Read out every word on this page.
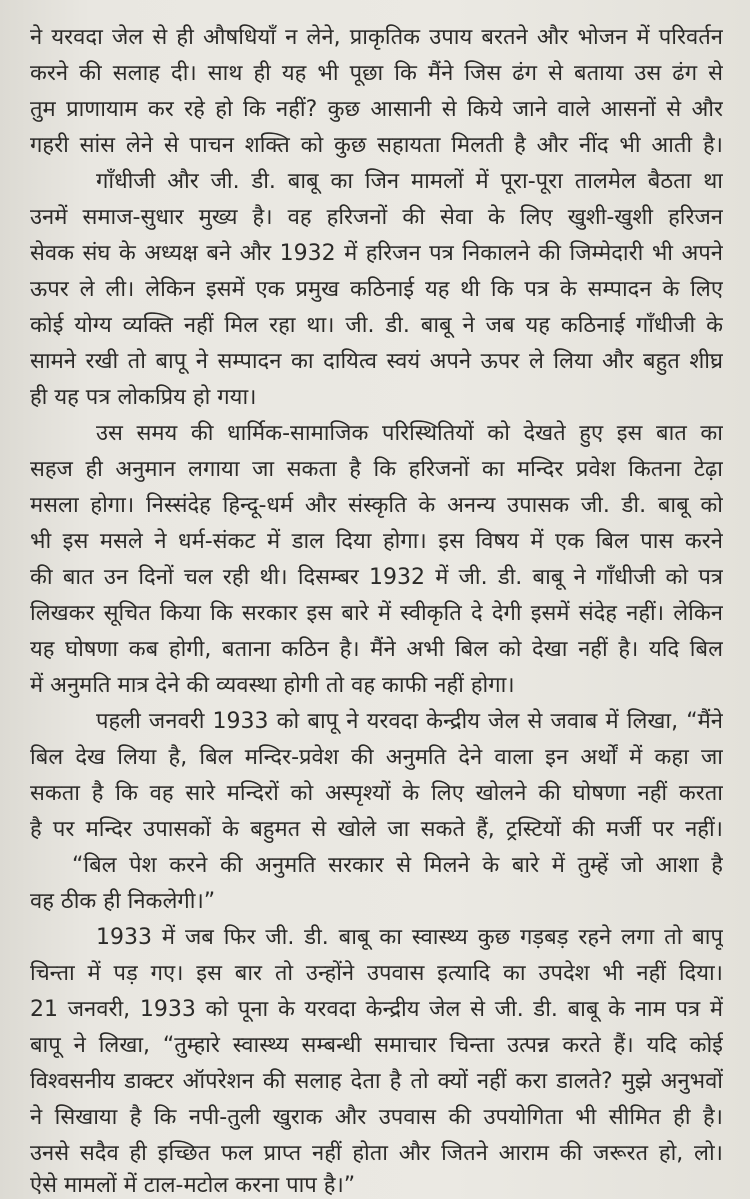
ने यरवदा जेल से ही औषधियाँ न लेने, प्राकृतिक उपाय बरतने और भोजन में परिवर्तन
करने की सलाह दी। साथ ही यह भी पूछा कि मैंने जिस ढंग से बताया उस ढंग से
तुम प्राणायाम कर रहे हो कि नहीं? कुछ आसानी से किये जाने वाले आसनों से और
गहरी सांस लेने से पाचन शक्ति को कुछ सहायता मिलती है और नींद भी आती है।
गाँधीजी और जी. डी. बाबू का जिन मामलों में पूरा-पूरा तालमेल बैठता था
उनमें समाज-सुधार मुख्य है। वह हरिजनों की सेवा के लिए खुशी-खुशी हरिजन
सेवक संघ के अध्यक्ष बने और 1932 में हरिजन पत्र निकालने की जिम्मेदारी भी अपने
ऊपर ले ली। लेकिन इसमें एक प्रमुख कठिनाई यह थी कि पत्र के सम्पादन के लिए
कोई योग्य व्यक्ति नहीं मिल रहा था। जी. डी. बाबू ने जब यह कठिनाई गाँधीजी के
सामने रखी तो बापू ने सम्पादन का दायित्व स्वयं अपने ऊपर ले लिया और बहुत शीघ्र
ही यह पत्र लोकप्रिय हो गया।
उस समय की धार्मिक-सामाजिक परिस्थितियों को देखते हुए इस बात का
सहज ही अनुमान लगाया जा सकता है कि हरिजनों का मन्दिर प्रवेश कितना टेढ़ा
मसला होगा। निस्संदेह हिन्दू-धर्म और संस्कृति के अनन्य उपासक जी. डी. बाबू को
भी इस मसले ने धर्म-संकट में डाल दिया होगा। इस विषय में एक बिल पास करने
की बात उन दिनों चल रही थी। दिसम्बर 1932 में जी. डी. बाबू ने गाँधीजी को पत्र
लिखकर सूचित किया कि सरकार इस बारे में स्वीकृति दे देगी इसमें संदेह नहीं। लेकिन
यह घोषणा कब होगी, बताना कठिन है। मैंने अभी बिल को देखा नहीं है। यदि बिल
में अनुमति मात्र देने की व्यवस्था होगी तो वह काफी नहीं होगा।
पहली जनवरी 1933 को बापू ने यरवदा केन्द्रीय जेल से जवाब में लिखा, “मैंने
बिल देख लिया है, बिल मन्दिर-प्रवेश की अनुमति देने वाला इन अर्थों में कहा जा
सकता है कि वह सारे मन्दिरों को अस्पृश्यों के लिए खोलने की घोषणा नहीं करता
है पर मन्दिर उपासकों के बहुमत से खोले जा सकते हैं, ट्रस्टियों की मर्जी पर नहीं।
“बिल पेश करने की अनुमति सरकार से मिलने के बारे में तुम्हें जो आशा है
वह ठीक ही निकलेगी।”
1933 में जब फिर जी. डी. बाबू का स्वास्थ्य कुछ गड़बड़ रहने लगा तो बापू
चिन्ता में पड़ गए। इस बार तो उन्होंने उपवास इत्यादि का उपदेश भी नहीं दिया।
21 जनवरी, 1933 को पूना के यरवदा केन्द्रीय जेल से जी. डी. बाबू के नाम पत्र में
बापू ने लिखा, “तुम्हारे स्वास्थ्य सम्बन्धी समाचार चिन्ता उत्पन्न करते हैं। यदि कोई
विश्वसनीय डाक्टर ऑपरेशन की सलाह देता है तो क्यों नहीं करा डालते? मुझे अनुभवों
ने सिखाया है कि नपी-तुली खुराक और उपवास की उपयोगिता भी सीमित ही है।
उनसे सदैव ही इच्छित फल प्राप्त नहीं होता और जितने आराम की जरूरत हो, लो।
ऐसे मामलों में टाल-मटोल करना पाप है।”
